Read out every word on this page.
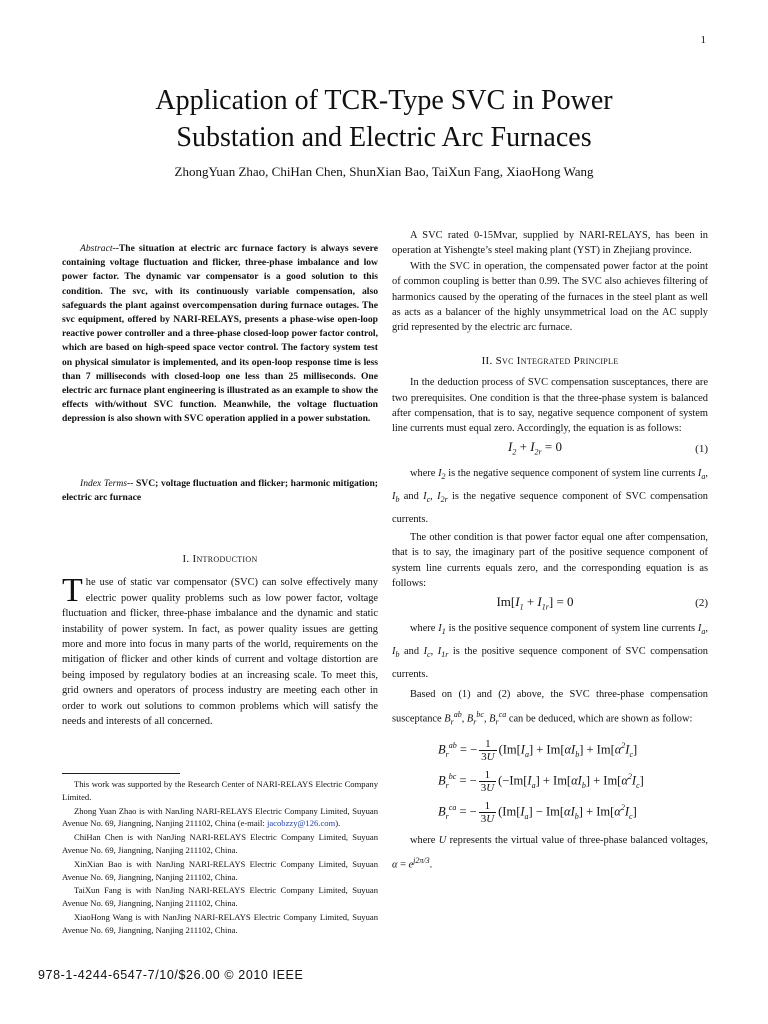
1
Application of TCR-Type SVC in Power
Substation and Electric Arc Furnaces
ZhongYuan Zhao, ChiHan Chen, ShunXian Bao, TaiXun Fang, XiaoHong Wang
Abstract--The situation at electric arc furnace factory is always severe containing voltage fluctuation and flicker, three-phase imbalance and low power factor. The dynamic var compensator is a good solution to this condition. The svc, with its continuously variable compensation, also safeguards the plant against overcompensation during furnace outages. The svc equipment, offered by NARI-RELAYS, presents a phase-wise open-loop reactive power controller and a three-phase closed-loop power factor control, which are based on high-speed space vector control. The factory system test on physical simulator is implemented, and its open-loop response time is less than 7 milliseconds with closed-loop one less than 25 milliseconds. One electric arc furnace plant engineering is illustrated as an example to show the effects with/without SVC function. Meanwhile, the voltage fluctuation depression is also shown with SVC operation applied in a power substation.
Index Terms-- SVC; voltage fluctuation and flicker; harmonic mitigation; electric arc furnace
I. Introduction

The use of static var compensator (SVC) can solve effectively many electric power quality problems such as low power factor, voltage fluctuation and flicker, three-phase imbalance and the dynamic and static instability of power system. In fact, as power quality issues are getting more and more into focus in many parts of the world, requirements on the mitigation of flicker and other kinds of current and voltage distortion are being imposed by regulatory bodies at an increasing scale. To meet this, grid owners and operators of process industry are meeting each other in order to work out solutions to common problems which will satisfy the needs and interests of all concerned.

This work was supported by the Research Center of NARI-RELAYS Electric Company Limited.

Zhong Yuan Zhao is with NanJing NARI-RELAYS Electric Company Limited, Suyuan Avenue No. 69, Jiangning, Nanjing 211102, China (e-mail: jacobzzy@126.com).

ChiHan Chen is with NanJing NARI-RELAYS Electric Company Limited, Suyuan Avenue No. 69, Jiangning, Nanjing 211102, China.

XinXian Bao is with NanJing NARI-RELAYS Electric Company Limited, Suyuan Avenue No. 69, Jiangning, Nanjing 211102, China.

TaiXun Fang is with NanJing NARI-RELAYS Electric Company Limited, Suyuan Avenue No. 69, Jiangning, Nanjing 211102, China.

XiaoHong Wang is with NanJing NARI-RELAYS Electric Company Limited, Suyuan Avenue No. 69, Jiangning, Nanjing 211102, China.

978-1-4244-6547-7/10/$26.00 © 2010 IEEE

A SVC rated 0-15Mvar, supplied by NARI-RELAYS, has been in operation at Yishengte’s steel making plant (YST) in Zhejiang province.

With the SVC in operation, the compensated power factor at the point of common coupling is better than 0.99. The SVC also achieves filtering of harmonics caused by the operating of the furnaces in the steel plant as well as acts as a balancer of the highly unsymmetrical load on the AC supply grid represented by the electric arc furnace.

II. Svc Integrated Principle

In the deduction process of SVC compensation susceptances, there are two prerequisites. One condition is that the three-phase system is balanced after compensation, that is to say, negative sequence component of system line currents must equal zero. Accordingly, the equation is as follows:

$I_2 + I_{2r} = 0$	(1)

where $I_2$ is the negative sequence component of system line currents $I_a$, $I_b$ and $I_c$, $I_{2r}$ is the negative sequence component of SVC compensation currents.

The other condition is that power factor equal one after compensation, that is to say, the imaginary part of the positive sequence component of system line currents equals zero, and the corresponding equation is as follows:

$Im[I_1 + I_{1r}] = 0$	(2)

where $I_1$ is the positive sequence component of system line currents $I_a$, $I_b$ and $I_c$, $I_{1r}$ is the positive sequence component of SVC compensation currents.

Based on (1) and (2) above, the SVC three-phase compensation susceptance $B_r^{ab}$, $B_r^{bc}$, $B_r^{ca}$ can be deduced, which are shown as follow:

$B_r^{ab}$ = − $\frac{1}{3U} (Im[I_a] + Im[\alpha I_b] + Im[\alpha^2I_c]$
$B_r^{bc}$ = − $\frac{1}{3U} (-Im[I_a] + Im[\alpha I_b] + Im[\alpha^2I_c]$
$B_r^{ca}$ = − $\frac{1}{3U} (Im[I_a] - Im[\alpha I_b] + Im[\alpha^2I_c]$

where U represents the virtual value of three-phase balanced voltages, $\alpha = e^{j2\pi/3}$.
